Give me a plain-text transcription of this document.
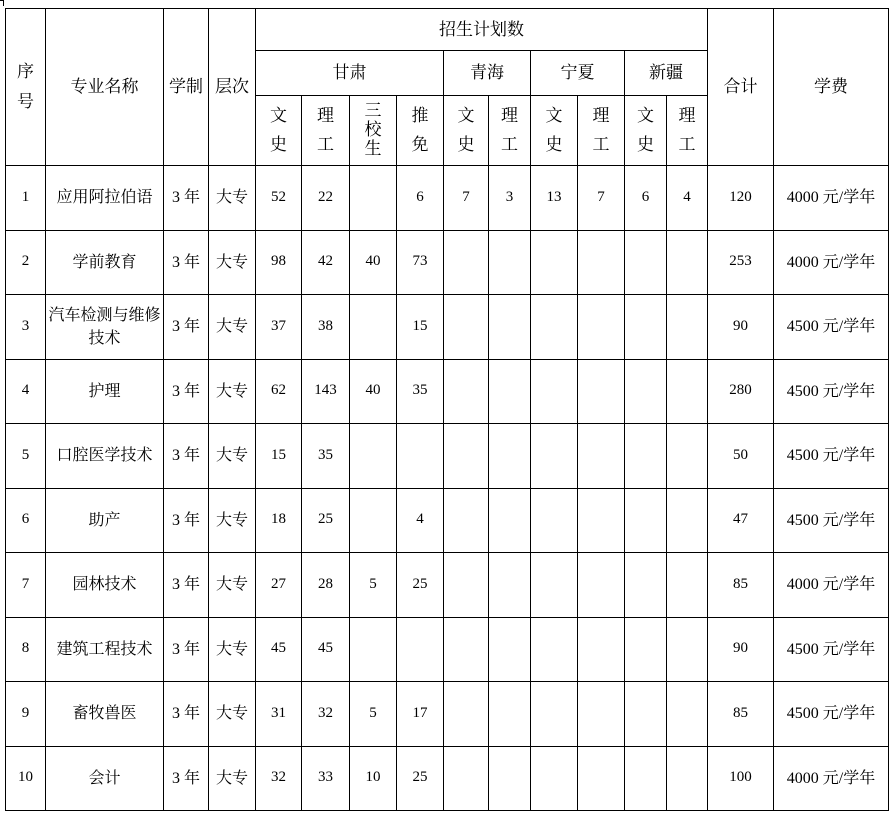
序号	专业名称	学制	层次	招生计划数										合计	学费
				甘肃				青海		宁夏		新疆			
				文史	理工	三校生	推免	文史	理工	文史	理工	文史	理工		
1	应用阿拉伯语	3 年	大专	52	22		6	7	3	13	7	6	4	120	4000 元/学年
2	学前教育	3 年	大专	98	42	40	73							253	4000 元/学年
3	汽车检测与维修技术	3 年	大专	37	38		15							90	4500 元/学年
4	护理	3 年	大专	62	143	40	35							280	4500 元/学年
5	口腔医学技术	3 年	大专	15	35									50	4500 元/学年
6	助产	3 年	大专	18	25		4							47	4500 元/学年
7	园林技术	3 年	大专	27	28	5	25							85	4000 元/学年
8	建筑工程技术	3 年	大专	45	45									90	4500 元/学年
9	畜牧兽医	3 年	大专	31	32	5	17							85	4500 元/学年
10	会计	3 年	大专	32	33	10	25							100	4000 元/学年
